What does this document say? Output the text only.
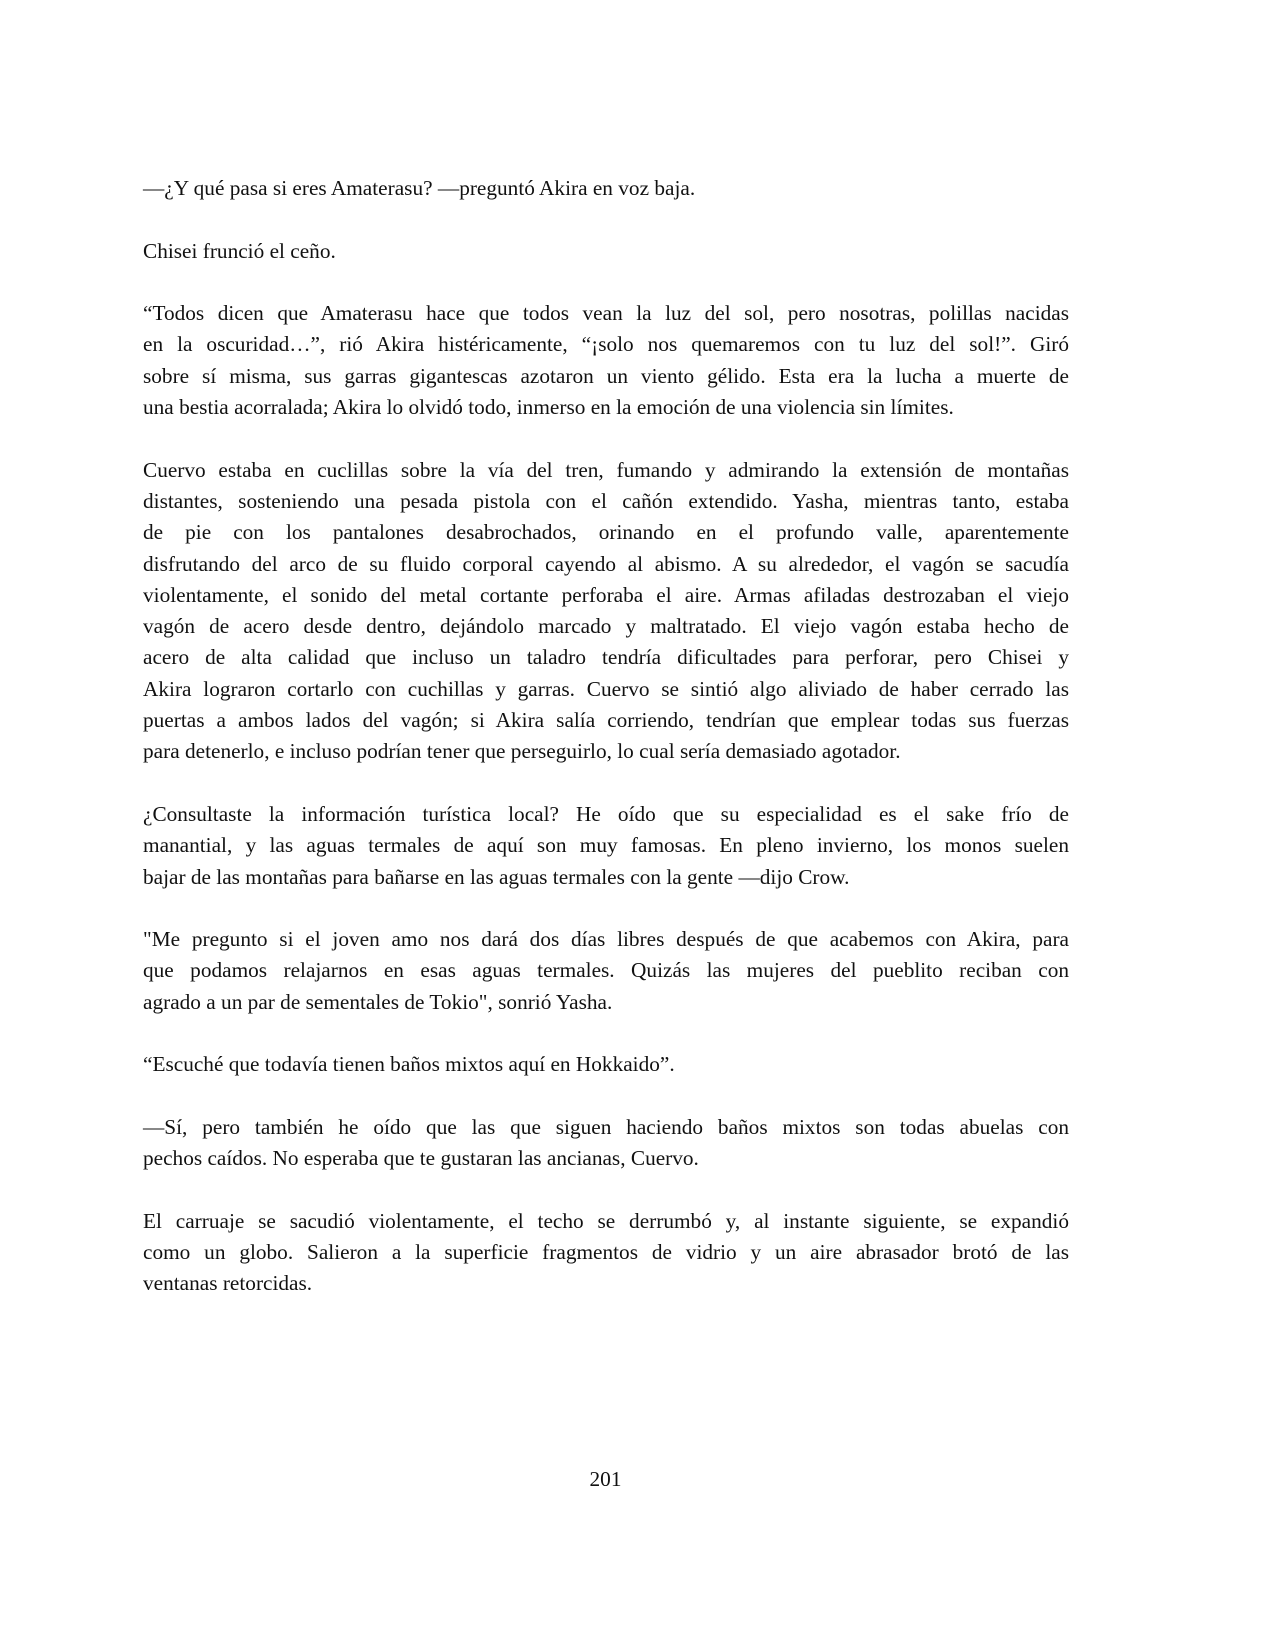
—¿Y qué pasa si eres Amaterasu? —preguntó Akira en voz baja.
Chisei frunció el ceño.
“Todos dicen que Amaterasu hace que todos vean la luz del sol, pero nosotras, polillas nacidas
en la oscuridad…”, rió Akira histéricamente, “¡solo nos quemaremos con tu luz del sol!”. Giró
sobre sí misma, sus garras gigantescas azotaron un viento gélido. Esta era la lucha a muerte de
una bestia acorralada; Akira lo olvidó todo, inmerso en la emoción de una violencia sin límites.
Cuervo estaba en cuclillas sobre la vía del tren, fumando y admirando la extensión de montañas
distantes, sosteniendo una pesada pistola con el cañón extendido. Yasha, mientras tanto, estaba
de pie con los pantalones desabrochados, orinando en el profundo valle, aparentemente
disfrutando del arco de su fluido corporal cayendo al abismo. A su alrededor, el vagón se sacudía
violentamente, el sonido del metal cortante perforaba el aire. Armas afiladas destrozaban el viejo
vagón de acero desde dentro, dejándolo marcado y maltratado. El viejo vagón estaba hecho de
acero de alta calidad que incluso un taladro tendría dificultades para perforar, pero Chisei y
Akira lograron cortarlo con cuchillas y garras. Cuervo se sintió algo aliviado de haber cerrado las
puertas a ambos lados del vagón; si Akira salía corriendo, tendrían que emplear todas sus fuerzas
para detenerlo, e incluso podrían tener que perseguirlo, lo cual sería demasiado agotador.
¿Consultaste la información turística local? He oído que su especialidad es el sake frío de
manantial, y las aguas termales de aquí son muy famosas. En pleno invierno, los monos suelen
bajar de las montañas para bañarse en las aguas termales con la gente —dijo Crow.
"Me pregunto si el joven amo nos dará dos días libres después de que acabemos con Akira, para
que podamos relajarnos en esas aguas termales. Quizás las mujeres del pueblito reciban con
agrado a un par de sementales de Tokio", sonrió Yasha.
“Escuché que todavía tienen baños mixtos aquí en Hokkaido”.
—Sí, pero también he oído que las que siguen haciendo baños mixtos son todas abuelas con
pechos caídos. No esperaba que te gustaran las ancianas, Cuervo.
El carruaje se sacudió violentamente, el techo se derrumbó y, al instante siguiente, se expandió
como un globo. Salieron a la superficie fragmentos de vidrio y un aire abrasador brotó de las
ventanas retorcidas.
201
